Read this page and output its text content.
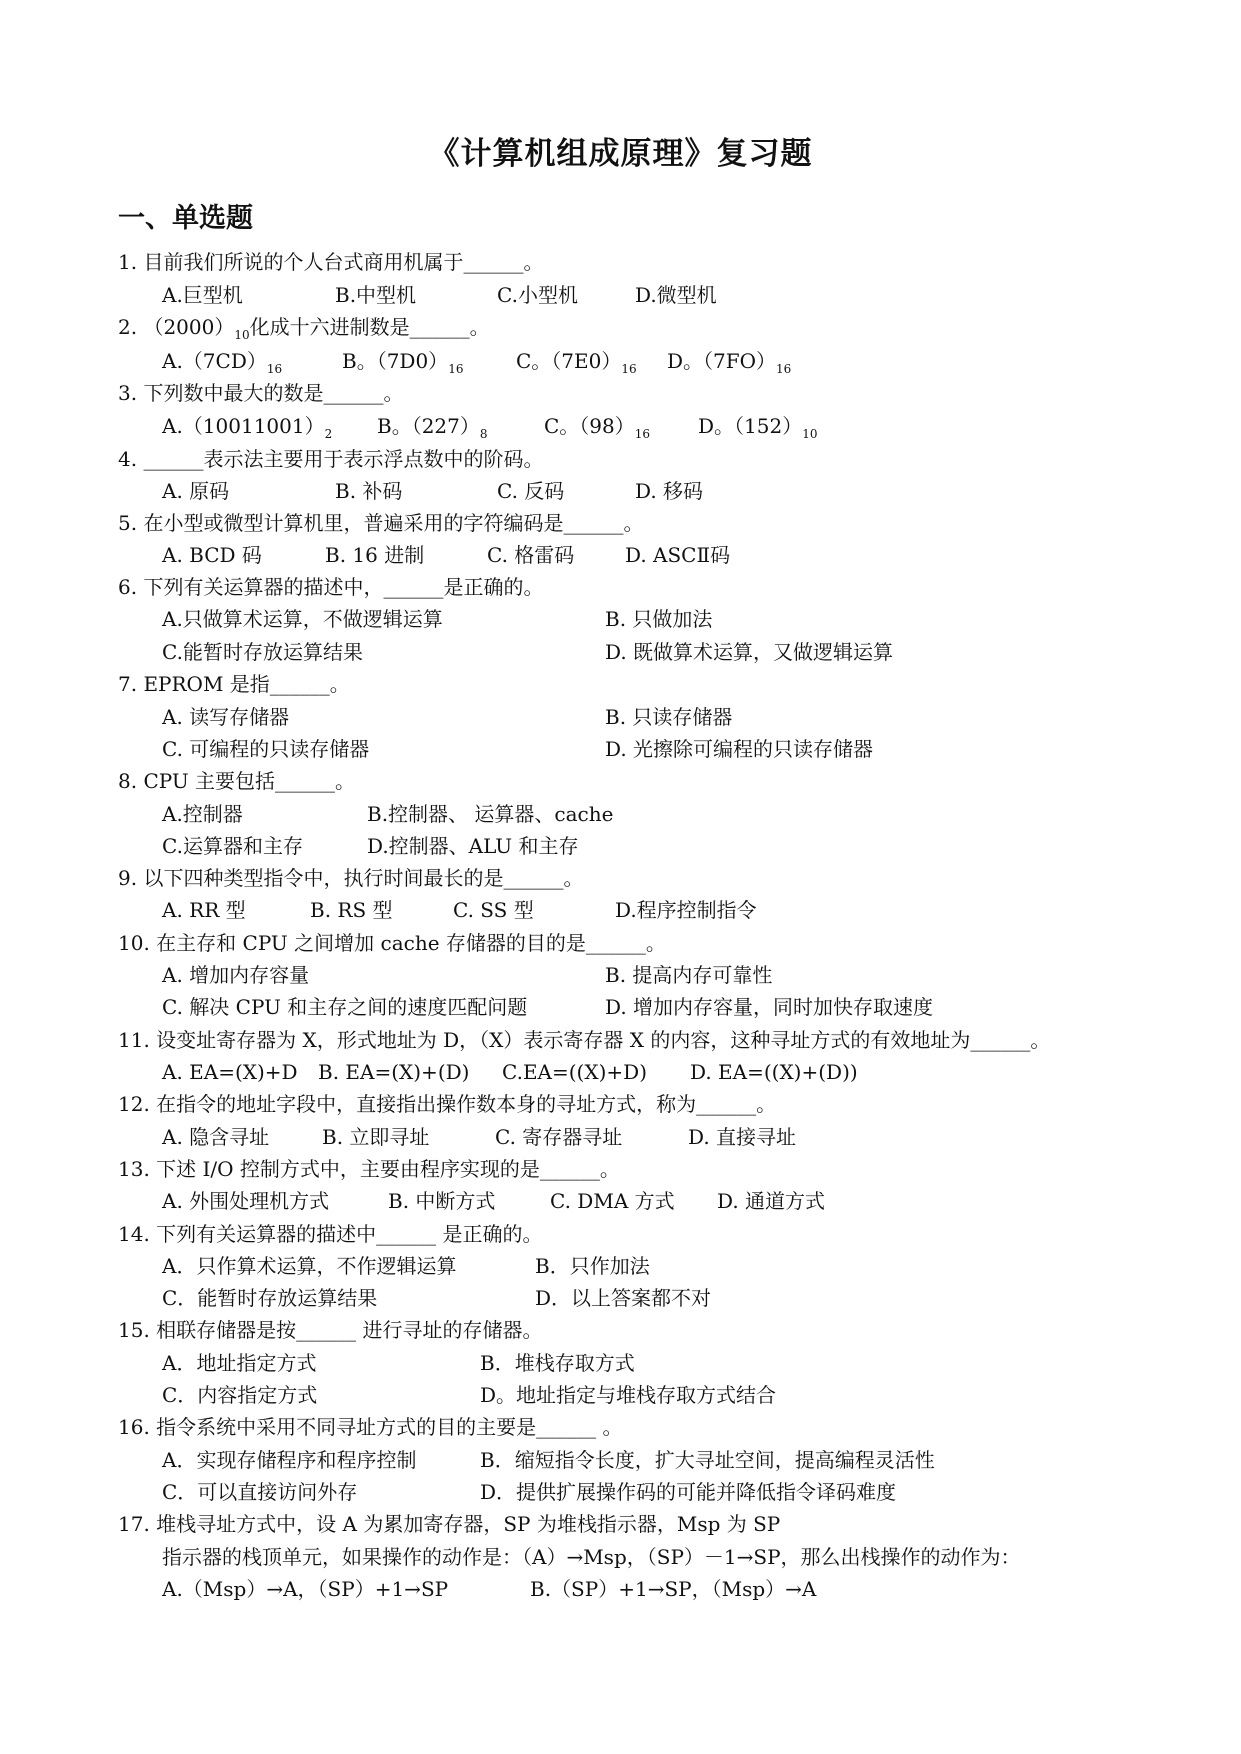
《计算机组成原理》复习题
一、单选题
1. 目前我们所说的个人台式商用机属于______。
A.巨型机	B.中型机	C.小型机	D.微型机
2. $(2000)_{10}$化成十六进制数是______。
$A.(7CD)_{16}$	B。$(7D0)_{16}$	C。$(7E0)_{16}$ D。$(7FO)_{16}$
3. 下列数中最大的数是______。
$A.(10011001)_2$ B。$(227)_8$	C。$(98)_{16}$ D。$(152)_{10}$
4. ______表示法主要用于表示浮点数中的阶码。
A. 原码	B. 补码	C. 反码	D. 移码
5. 在小型或微型计算机里，普遍采用的字符编码是______。
A. BCD 码	B. 16 进制	C. 格雷码	D. ASCⅡ码
6. 下列有关运算器的描述中，______是正确的。
A.只做算术运算，不做逻辑运算	B. 只做加法
C.能暂时存放运算结果	D. 既做算术运算，又做逻辑运算
7. EPROM 是指______。
A. 读写存储器	B. 只读存储器
C. 可编程的只读存储器	D. 光擦除可编程的只读存储器
8. CPU 主要包括______。
A.控制器	B.控制器、 运算器、cache
C.运算器和主存	D.控制器、ALU 和主存
9. 以下四种类型指令中，执行时间最长的是______。
A. RR 型	B. RS 型	C. SS 型	D.程序控制指令
10. 在主存和 CPU 之间增加 cache 存储器的目的是______。
A. 增加内存容量	B. 提高内存可靠性
C. 解决 CPU 和主存之间的速度匹配问题	D. 增加内存容量，同时加快存取速度
11. 设变址寄存器为 X，形式地址为 D，（X）表示寄存器 X 的内容，这种寻址方式的有效地址为______。
A. EA=(X)+D B. EA=(X)+(D) C.EA=((X)+D) D. EA=((X)+(D))
12. 在指令的地址字段中，直接指出操作数本身的寻址方式，称为______。
A. 隐含寻址	B. 立即寻址	C. 寄存器寻址	D. 直接寻址
13. 下述 I/O 控制方式中，主要由程序实现的是______。
A. 外围处理机方式	B. 中断方式	C. DMA 方式 D. 通道方式
14. 下列有关运算器的描述中______ 是正确的。
A．只作算术运算，不作逻辑运算	B．只作加法
C．能暂时存放运算结果	D．以上答案都不对
15. 相联存储器是按______ 进行寻址的存储器。
A．地址指定方式	B．堆栈存取方式
C．内容指定方式	D。地址指定与堆栈存取方式结合
16. 指令系统中采用不同寻址方式的目的主要是______ 。
A．实现存储程序和程序控制	B．缩短指令长度，扩大寻址空间，提高编程灵活性
C．可以直接访问外存	D．提供扩展操作码的可能并降低指令译码难度
17. 堆栈寻址方式中，设 A 为累加寄存器，SP 为堆栈指示器，Msp 为 SP
指示器的栈顶单元，如果操作的动作是：（A）→Msp，（SP）－1→SP，那么出栈操作的动作为：
A.（Msp）→A，（SP）+1→SP	B.（SP）+1→SP，（Msp）→A
